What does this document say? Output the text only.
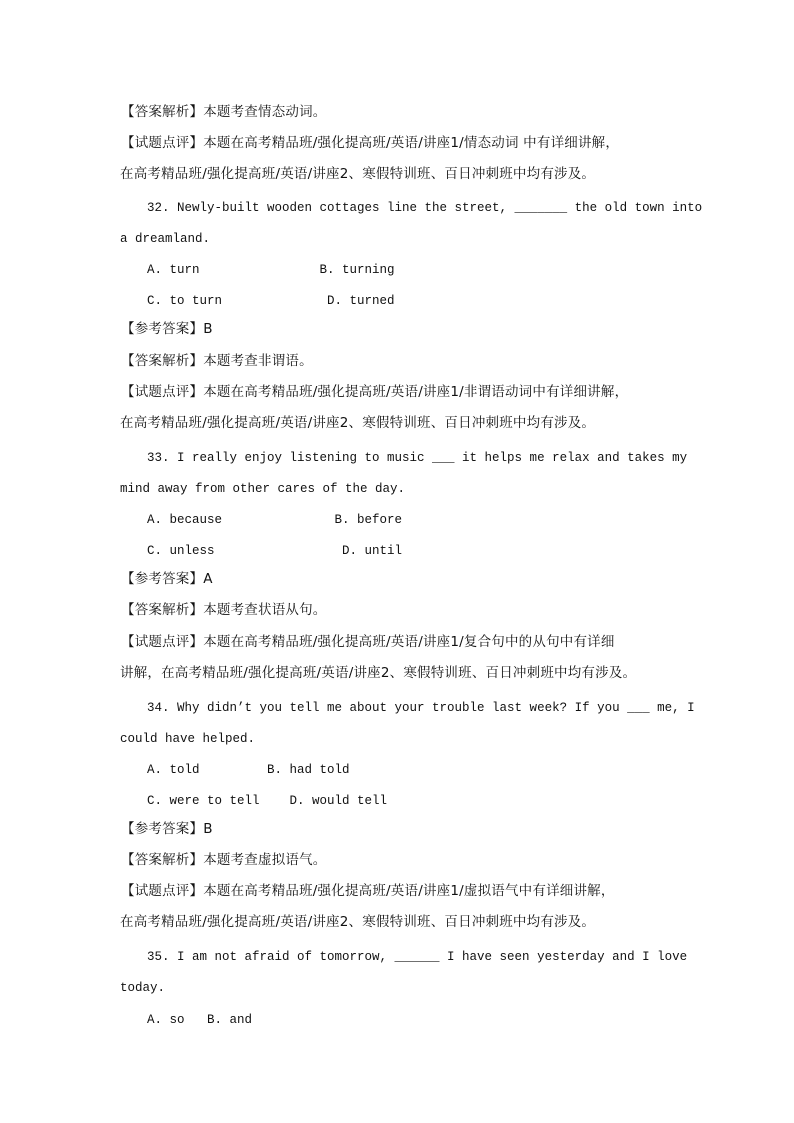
【答案解析】本题考查情态动词。
【试题点评】本题在高考精品班/强化提高班/英语/讲座1/情态动词 中有详细讲解，
在高考精品班/强化提高班/英语/讲座2、寒假特训班、百日冲刺班中均有涉及。
32. Newly-built wooden cottages line the street, _______ the old town into
a dreamland.
A. turn                B. turning
C. to turn              D. turned
【参考答案】B
【答案解析】本题考查非谓语。
【试题点评】本题在高考精品班/强化提高班/英语/讲座1/非谓语动词中有详细讲解，
在高考精品班/强化提高班/英语/讲座2、寒假特训班、百日冲刺班中均有涉及。
33. I really enjoy listening to music ___ it helps me relax and takes my
mind away from other cares of the day.
A. because               B. before
C. unless                 D. until
【参考答案】A
【答案解析】本题考查状语从句。
【试题点评】本题在高考精品班/强化提高班/英语/讲座1/复合句中的从句中有详细
讲解，在高考精品班/强化提高班/英语/讲座2、寒假特训班、百日冲刺班中均有涉及。
34. Why didn’t you tell me about your trouble last week? If you ___ me, I
could have helped.
A. told         B. had told
C. were to tell    D. would tell
【参考答案】B
【答案解析】本题考查虚拟语气。
【试题点评】本题在高考精品班/强化提高班/英语/讲座1/虚拟语气中有详细讲解，
在高考精品班/强化提高班/英语/讲座2、寒假特训班、百日冲刺班中均有涉及。
35. I am not afraid of tomorrow, ______ I have seen yesterday and I love
today.
A. so   B. and
